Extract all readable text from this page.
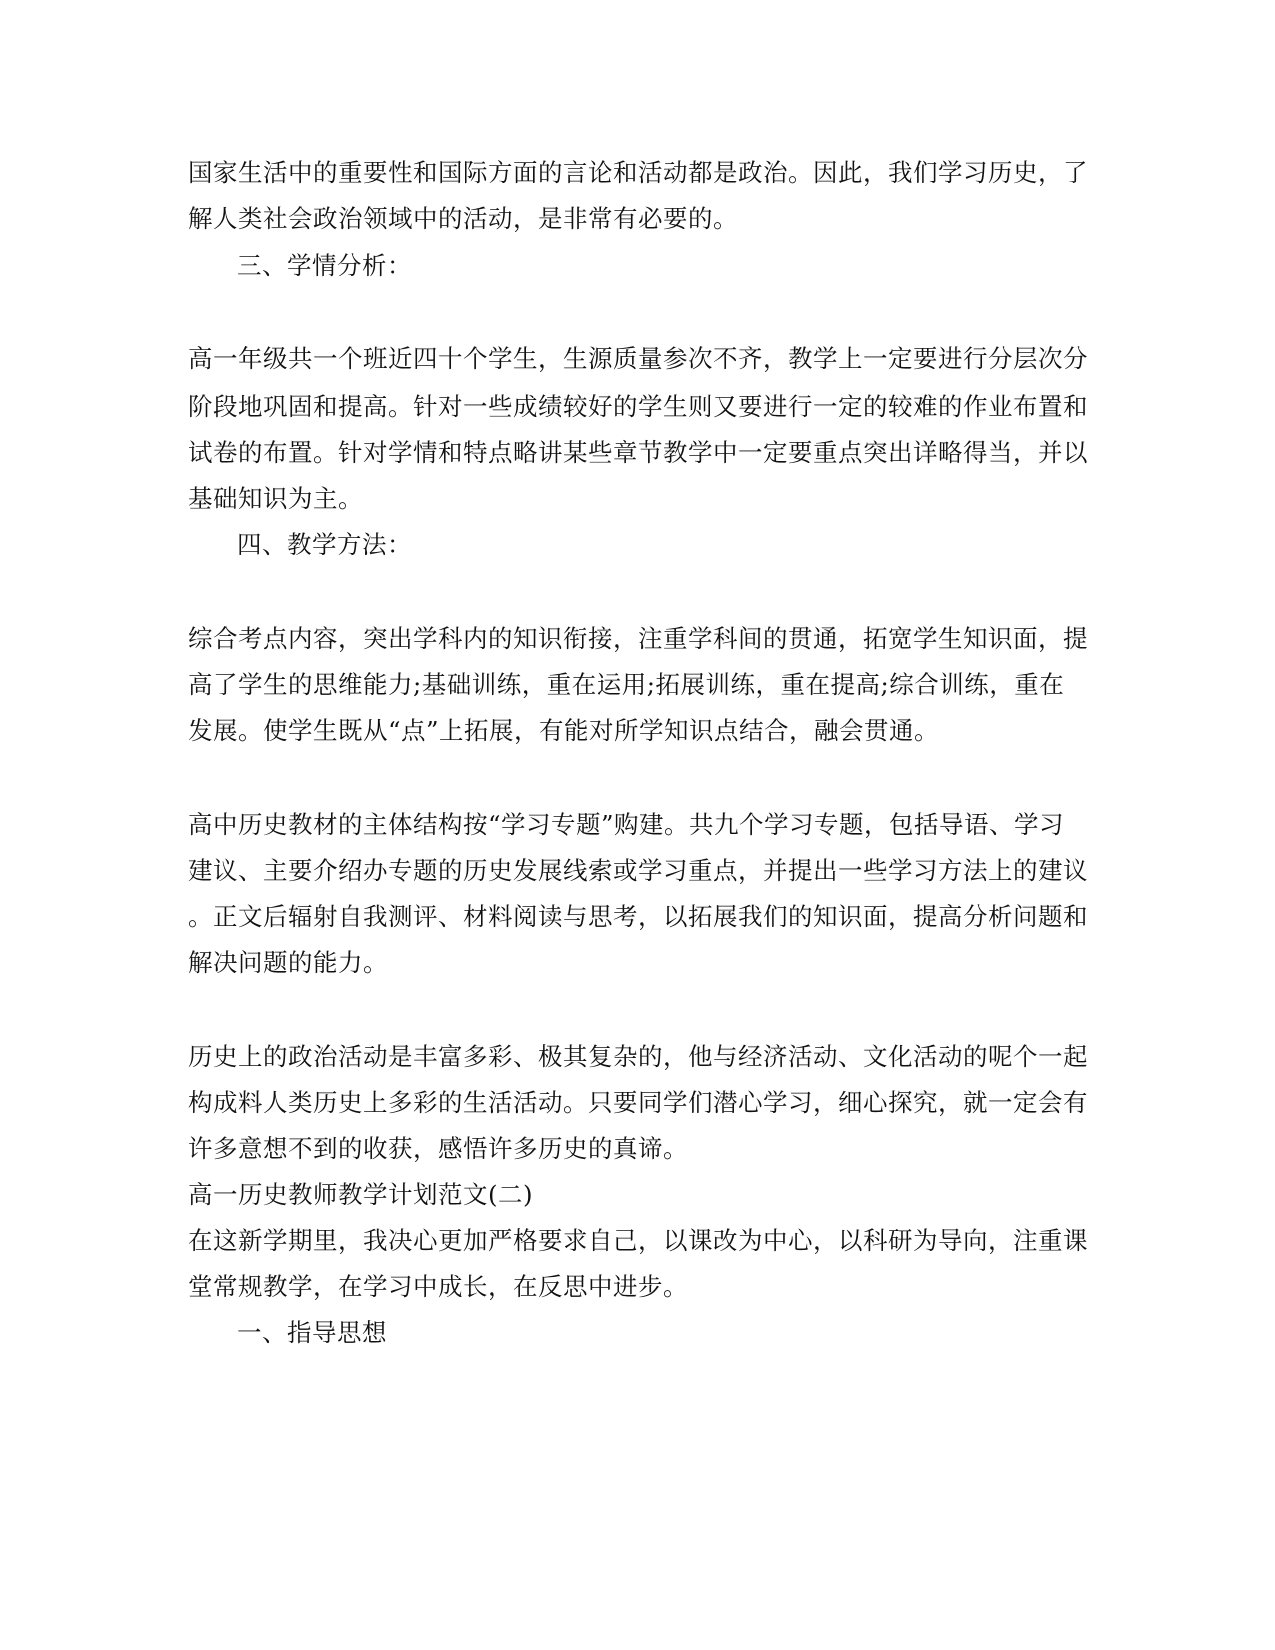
国家生活中的重要性和国际方面的言论和活动都是政治。因此，我们学习历史，了
解人类社会政治领域中的活动，是非常有必要的。
三、学情分析：
高一年级共一个班近四十个学生，生源质量参次不齐，教学上一定要进行分层次分
阶段地巩固和提高。针对一些成绩较好的学生则又要进行一定的较难的作业布置和
试卷的布置。针对学情和特点略讲某些章节教学中一定要重点突出详略得当，并以
基础知识为主。
四、教学方法：
综合考点内容，突出学科内的知识衔接，注重学科间的贯通，拓宽学生知识面，提
高了学生的思维能力;基础训练，重在运用;拓展训练，重在提高;综合训练，重在
发展。使学生既从“点”上拓展，有能对所学知识点结合，融会贯通。
高中历史教材的主体结构按“学习专题”购建。共九个学习专题，包括导语、学习
建议、主要介绍办专题的历史发展线索或学习重点，并提出一些学习方法上的建议
。正文后辐射自我测评、材料阅读与思考，以拓展我们的知识面，提高分析问题和
解决问题的能力。
历史上的政治活动是丰富多彩、极其复杂的，他与经济活动、文化活动的呢个一起
构成料人类历史上多彩的生活活动。只要同学们潜心学习，细心探究，就一定会有
许多意想不到的收获，感悟许多历史的真谛。
高一历史教师教学计划范文(二)
在这新学期里，我决心更加严格要求自己，以课改为中心，以科研为导向，注重课
堂常规教学，在学习中成长，在反思中进步。
一、指导思想
